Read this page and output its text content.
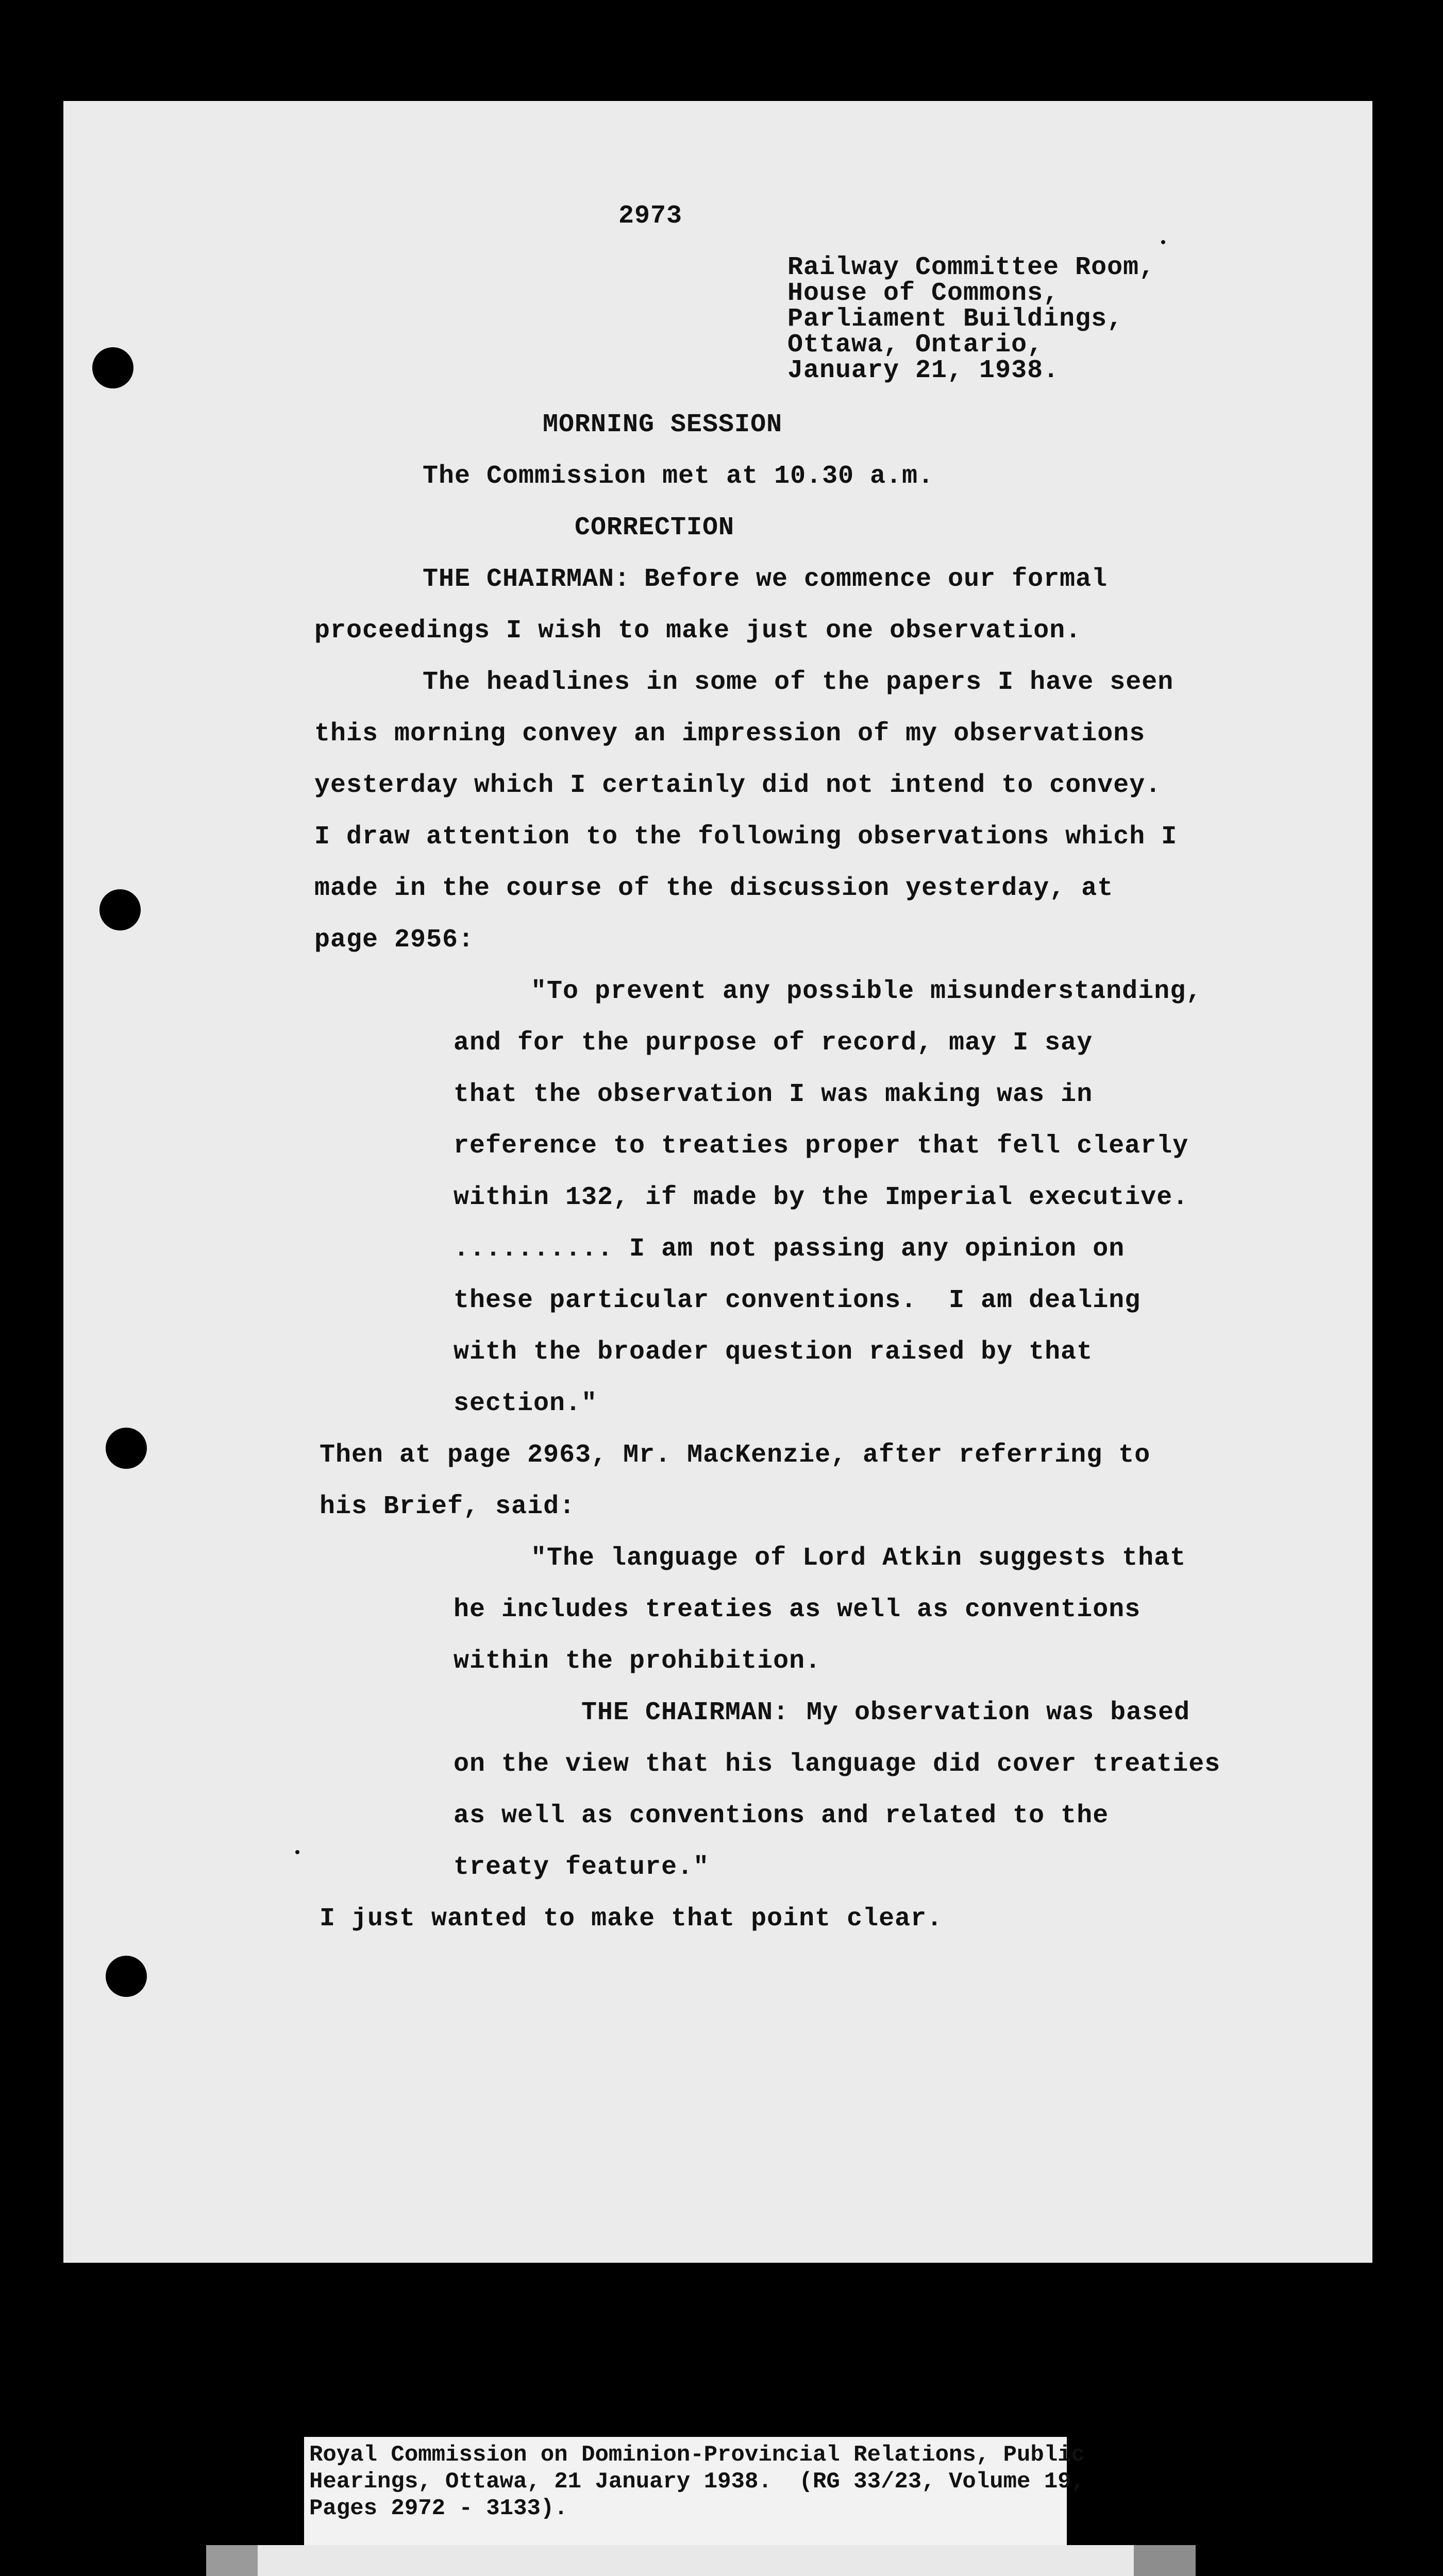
2973
Railway Committee Room,
House of Commons,
Parliament Buildings,
Ottawa, Ontario,
January 21, 1938.
MORNING SESSION
The Commission met at 10.30 a.m.
CORRECTION
THE CHAIRMAN: Before we commence our formal
proceedings I wish to make just one observation.
The headlines in some of the papers I have seen
this morning convey an impression of my observations
yesterday which I certainly did not intend to convey.
I draw attention to the following observations which I
made in the course of the discussion yesterday, at
page 2956:
"To prevent any possible misunderstanding,
and for the purpose of record, may I say
that the observation I was making was in
reference to treaties proper that fell clearly
within 132, if made by the Imperial executive.
.......... I am not passing any opinion on
these particular conventions.  I am dealing
with the broader question raised by that
section."
Then at page 2963, Mr. MacKenzie, after referring to
his Brief, said:
"The language of Lord Atkin suggests that
he includes treaties as well as conventions
within the prohibition.
THE CHAIRMAN: My observation was based
on the view that his language did cover treaties
as well as conventions and related to the
treaty feature."
I just wanted to make that point clear.
Royal Commission on Dominion-Provincial Relations, Public
Hearings, Ottawa, 21 January 1938.  (RG 33/23, Volume 19,
Pages 2972 - 3133).
